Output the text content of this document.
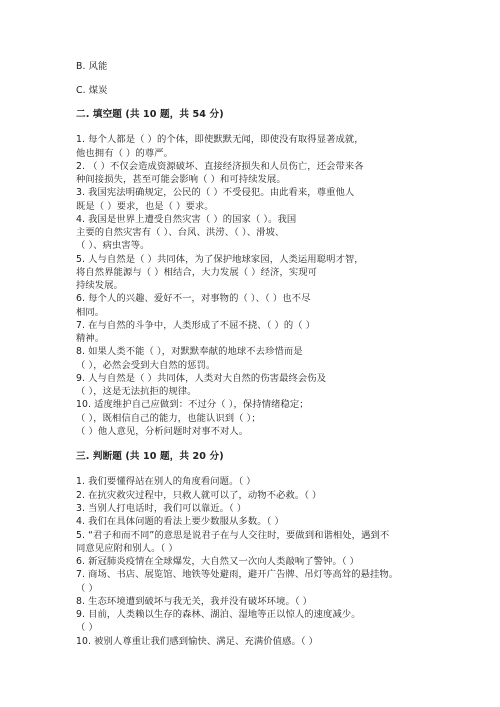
B. 风能
C. 煤炭
二. 填空题 (共 10 题，共 54 分)
1. 每个人都是（ ）的个体，即使默默无闻，即使没有取得显著成就，
他也拥有（ ）的尊严。
2. （ ）不仅会造成资源破坏、直接经济损失和人员伤亡，还会带来各
种间接损失，甚至可能会影响（ ）和可持续发展。
3. 我国宪法明确规定，公民的（ ）不受侵犯。由此看来，尊重他人
既是（ ）要求，也是（ ）要求。
4. 我国是世界上遭受自然灾害（ ）的国家（ ）。我国
主要的自然灾害有（ ）、台风、洪涝、（ ）、滑坡、
（ ）、病虫害等。
5. 人与自然是（ ）共同体，为了保护地球家园，人类运用聪明才智，
将自然界能源与（ ）相结合，大力发展（ ）经济，实现可
持续发展。
6. 每个人的兴趣、爱好不一，对事物的（ ）、（ ）也不尽
相同。
7. 在与自然的斗争中，人类形成了不屈不挠、（ ）的（ ）
精神。
8. 如果人类不能（ ），对默默奉献的地球不去珍惜而是
（ ），必然会受到大自然的惩罚。
9. 人与自然是（ ）共同体，人类对大自然的伤害最终会伤及
（ ），这是无法抗拒的规律。
10. 适度维护自己应做到：不过分（ ），保持情绪稳定；
（ ），既相信自己的能力，也能认识到（ ）；
（ ）他人意见，分析问题时对事不对人。
三. 判断题 (共 10 题，共 20 分)
1. 我们要懂得站在别人的角度看问题。（ ）
2. 在抗灾救灾过程中，只救人就可以了，动物不必救。（ ）
3. 当别人打电话时，我们可以靠近。（ ）
4. 我们在具体问题的看法上要少数服从多数。（ ）
5. “君子和而不同”的意思是说君子在与人交往时，要做到和谐相处，遇到不
同意见应附和别人。（ ）
6. 新冠肺炎疫情在全球爆发，大自然又一次向人类敲响了警钟。（ ）
7. 商场、书店、展览馆、地铁等处避雨，避开广告牌、吊灯等高耸的悬挂物。
（ ）
8. 生态环境遭到破坏与我无关，我并没有破坏环境。（ ）
9. 目前，人类赖以生存的森林、湖泊、湿地等正以惊人的速度减少。
（ ）
10. 被别人尊重让我们感到愉快、满足、充满价值感。（ ）
